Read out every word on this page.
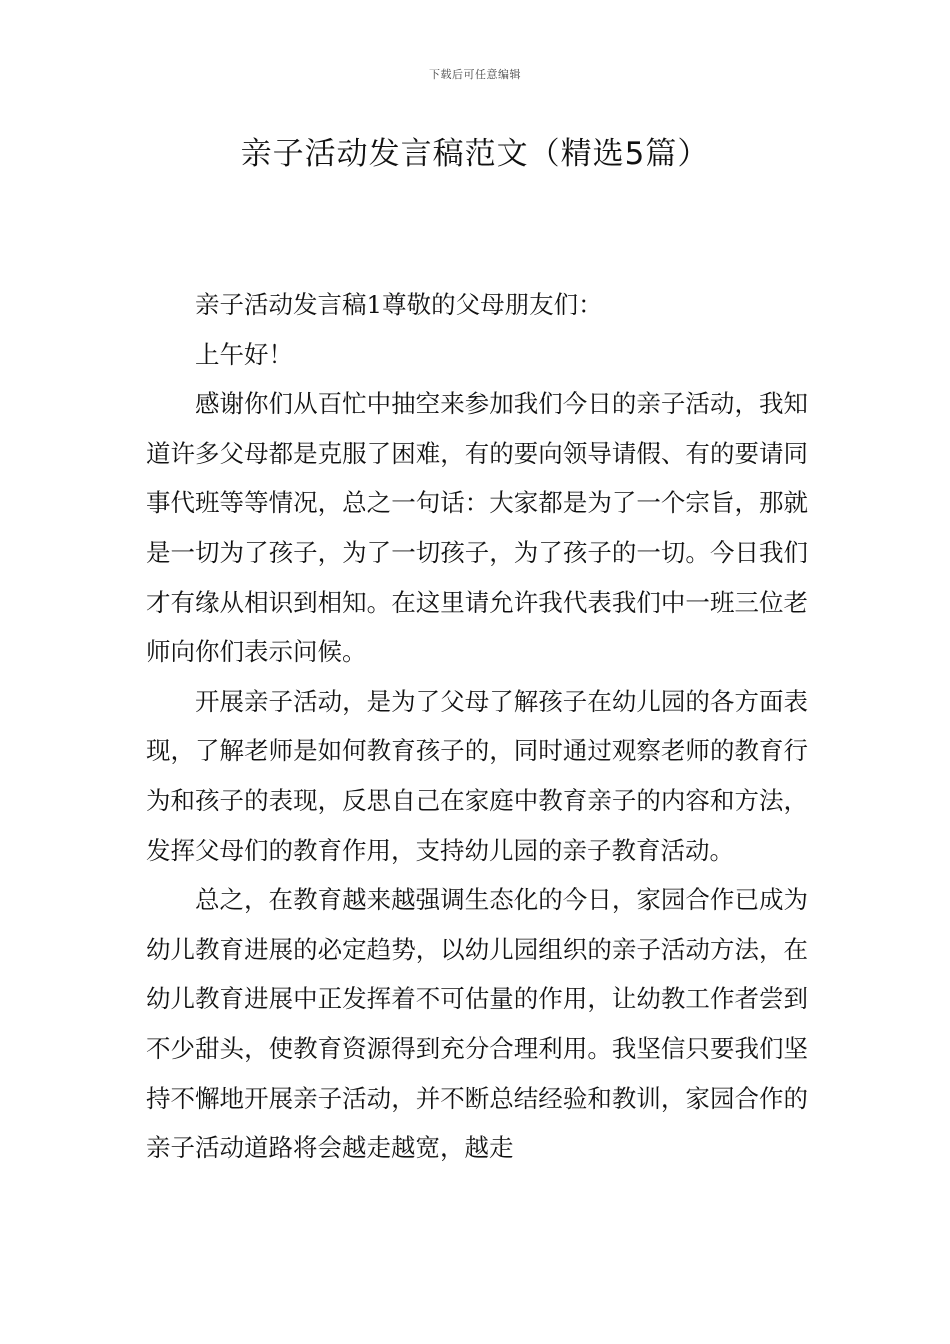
下载后可任意编辑
亲子活动发言稿范文（精选5篇）

亲子活动发言稿1尊敬的父母朋友们：

上午好！

感谢你们从百忙中抽空来参加我们今日的亲子活动，我知道许多父母都是克服了困难，有的要向领导请假、有的要请同事代班等等情况，总之一句话：大家都是为了一个宗旨，那就是一切为了孩子，为了一切孩子，为了孩子的一切。今日我们才有缘从相识到相知。在这里请允许我代表我们中一班三位老师向你们表示问候。

开展亲子活动，是为了父母了解孩子在幼儿园的各方面表现，了解老师是如何教育孩子的，同时通过观察老师的教育行为和孩子的表现，反思自己在家庭中教育亲子的内容和方法，发挥父母们的教育作用，支持幼儿园的亲子教育活动。

总之，在教育越来越强调生态化的今日，家园合作已成为幼儿教育进展的必定趋势，以幼儿园组织的亲子活动方法，在幼儿教育进展中正发挥着不可估量的作用，让幼教工作者尝到不少甜头，使教育资源得到充分合理利用。我坚信只要我们坚持不懈地开展亲子活动，并不断总结经验和教训，家园合作的亲子活动道路将会越走越宽，越走
